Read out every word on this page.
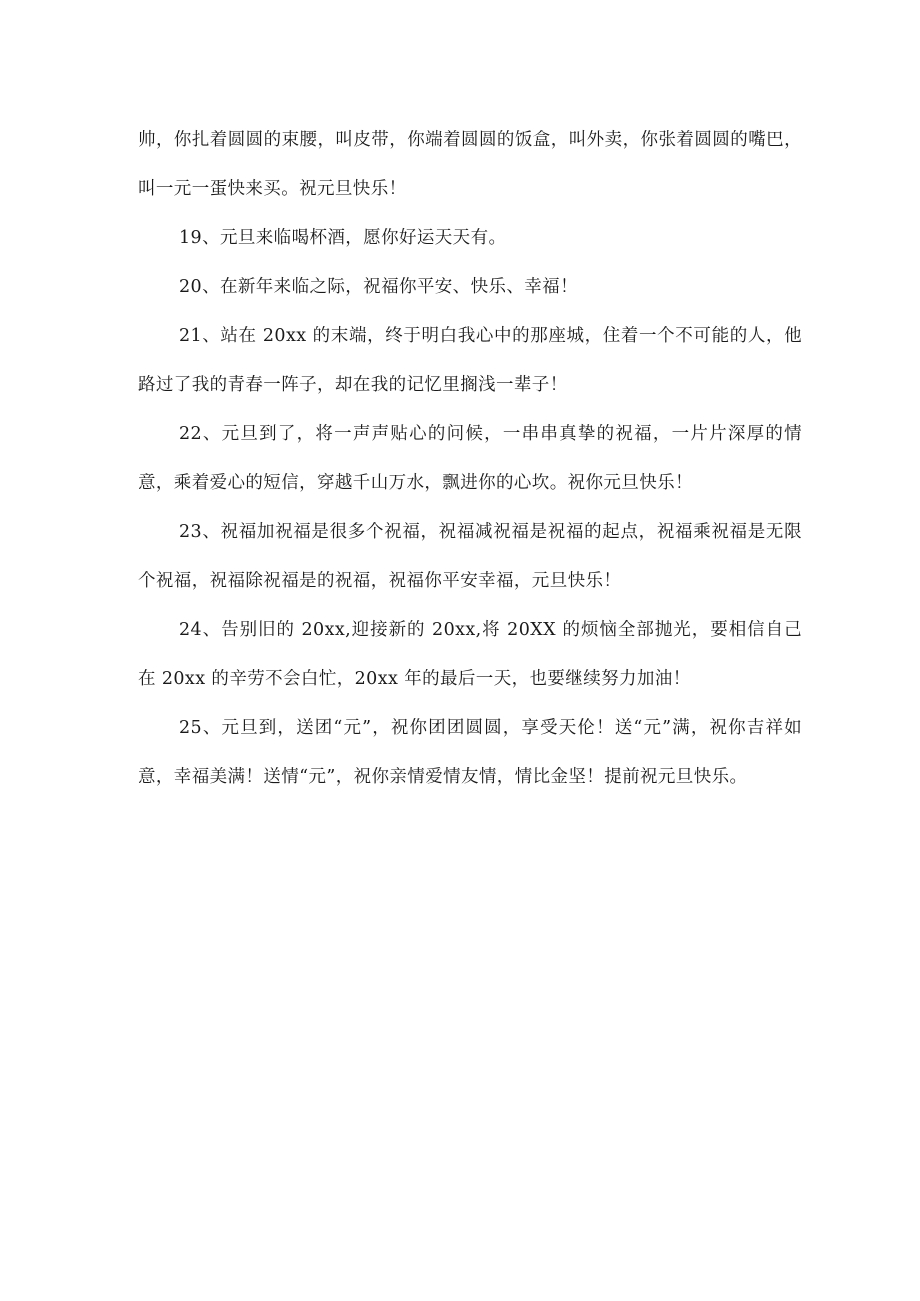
帅，你扎着圆圆的束腰，叫皮带，你端着圆圆的饭盒，叫外卖，你张着圆圆的嘴巴，叫一元一蛋快来买。祝元旦快乐！

19、元旦来临喝杯酒，愿你好运天天有。

20、在新年来临之际，祝福你平安、快乐、幸福！

21、站在 20xx 的末端，终于明白我心中的那座城，住着一个不可能的人，他路过了我的青春一阵子，却在我的记忆里搁浅一辈子！

22、元旦到了，将一声声贴心的问候，一串串真挚的祝福，一片片深厚的情意，乘着爱心的短信，穿越千山万水，飘进你的心坎。祝你元旦快乐！

23、祝福加祝福是很多个祝福，祝福减祝福是祝福的起点，祝福乘祝福是无限个祝福，祝福除祝福是的祝福，祝福你平安幸福，元旦快乐！

24、告别旧的 20xx,迎接新的 20xx,将 20XX 的烦恼全部抛光，要相信自己在 20xx 的辛劳不会白忙，20xx 年的最后一天，也要继续努力加油！

25、元旦到，送团“元”，祝你团团圆圆，享受天伦！送“元”满，祝你吉祥如意，幸福美满！送情“元”，祝你亲情爱情友情，情比金坚！提前祝元旦快乐。
